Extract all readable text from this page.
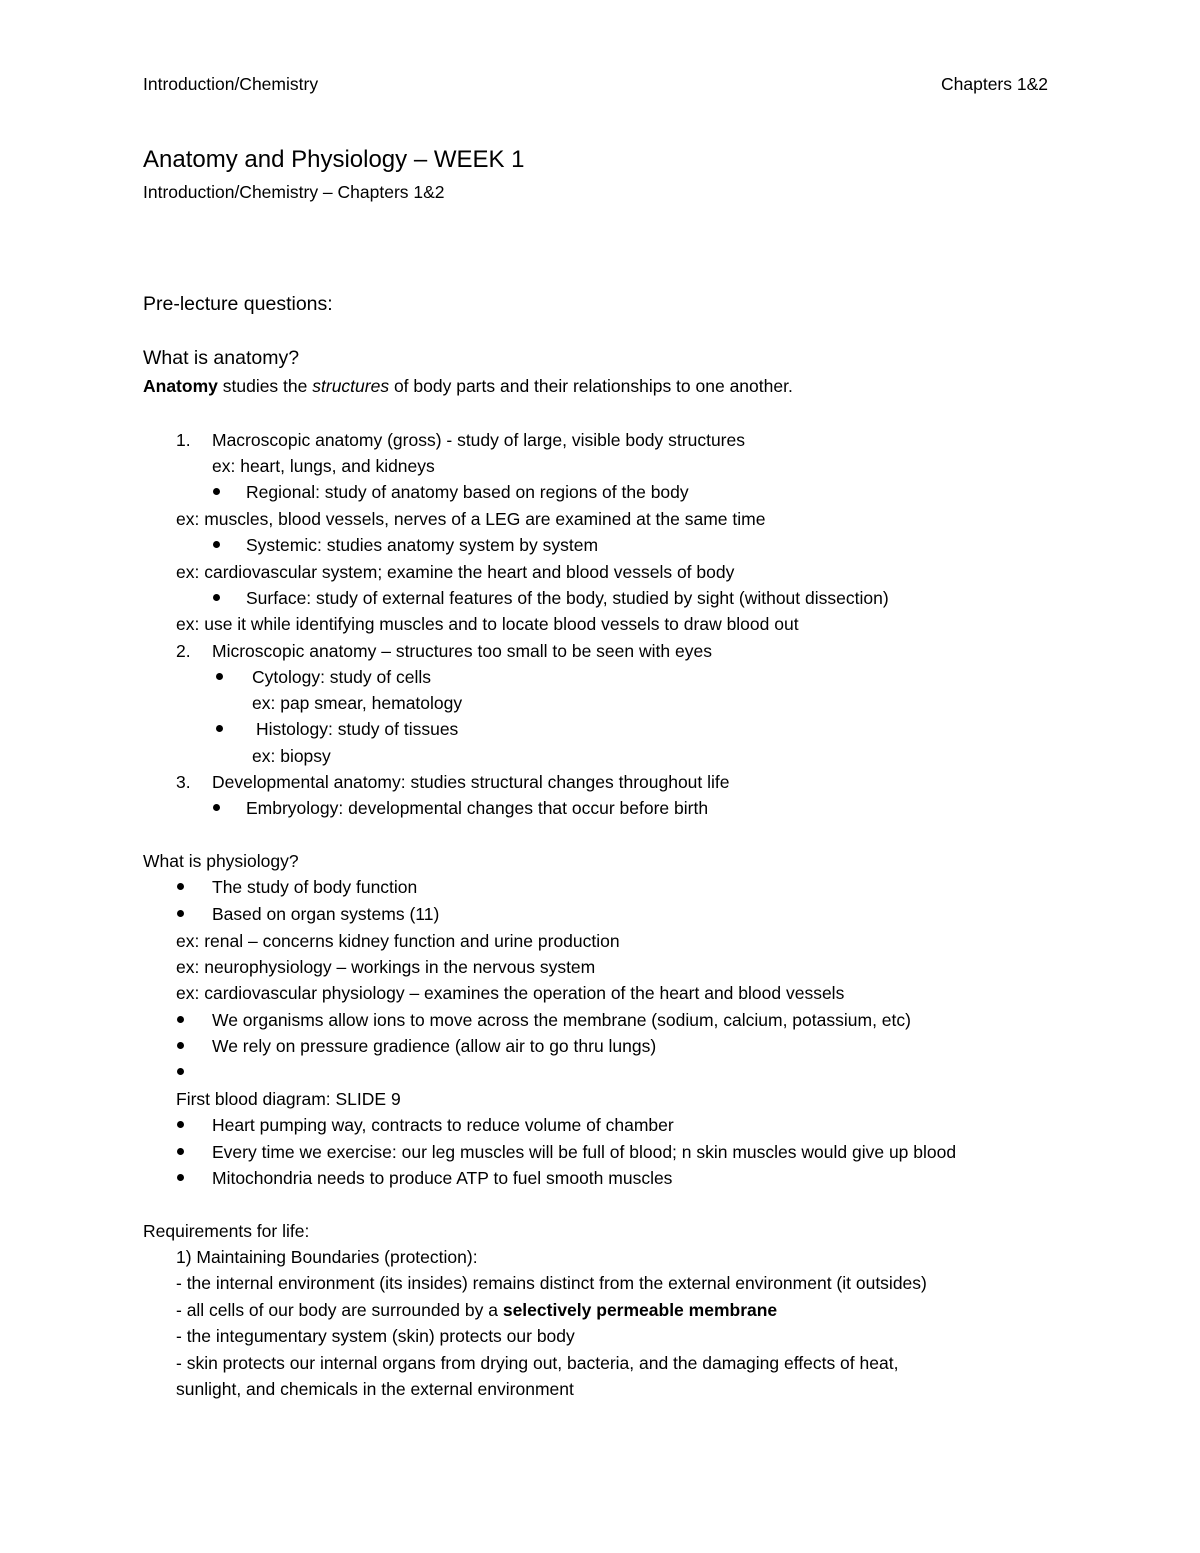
Introduction/Chemistry	Chapters 1&2
Anatomy and Physiology – WEEK 1
Introduction/Chemistry – Chapters 1&2
Pre-lecture questions:
What is anatomy?
Anatomy studies the structures of body parts and their relationships to one another.
1. Macroscopic anatomy (gross) - study of large, visible body structures
ex: heart, lungs, and kidneys
Regional: study of anatomy based on regions of the body
ex: muscles, blood vessels, nerves of a LEG are examined at the same time
Systemic: studies anatomy system by system
ex: cardiovascular system; examine the heart and blood vessels of body
Surface: study of external features of the body, studied by sight (without dissection)
ex: use it while identifying muscles and to locate blood vessels to draw blood out
2. Microscopic anatomy – structures too small to be seen with eyes
Cytology: study of cells
ex: pap smear, hematology
Histology: study of tissues
ex: biopsy
3. Developmental anatomy: studies structural changes throughout life
Embryology: developmental changes that occur before birth
What is physiology?
The study of body function
Based on organ systems (11)
ex: renal – concerns kidney function and urine production
ex: neurophysiology – workings in the nervous system
ex: cardiovascular physiology – examines the operation of the heart and blood vessels
We organisms allow ions to move across the membrane (sodium, calcium, potassium, etc)
We rely on pressure gradience (allow air to go thru lungs)
First blood diagram: SLIDE 9
Heart pumping way, contracts to reduce volume of chamber
Every time we exercise: our leg muscles will be full of blood; n skin muscles would give up blood
Mitochondria needs to produce ATP to fuel smooth muscles
Requirements for life:
1) Maintaining Boundaries (protection):
- the internal environment (its insides) remains distinct from the external environment (it outsides)
- all cells of our body are surrounded by a selectively permeable membrane
- the integumentary system (skin) protects our body
- skin protects our internal organs from drying out, bacteria, and the damaging effects of heat,
sunlight, and chemicals in the external environment
